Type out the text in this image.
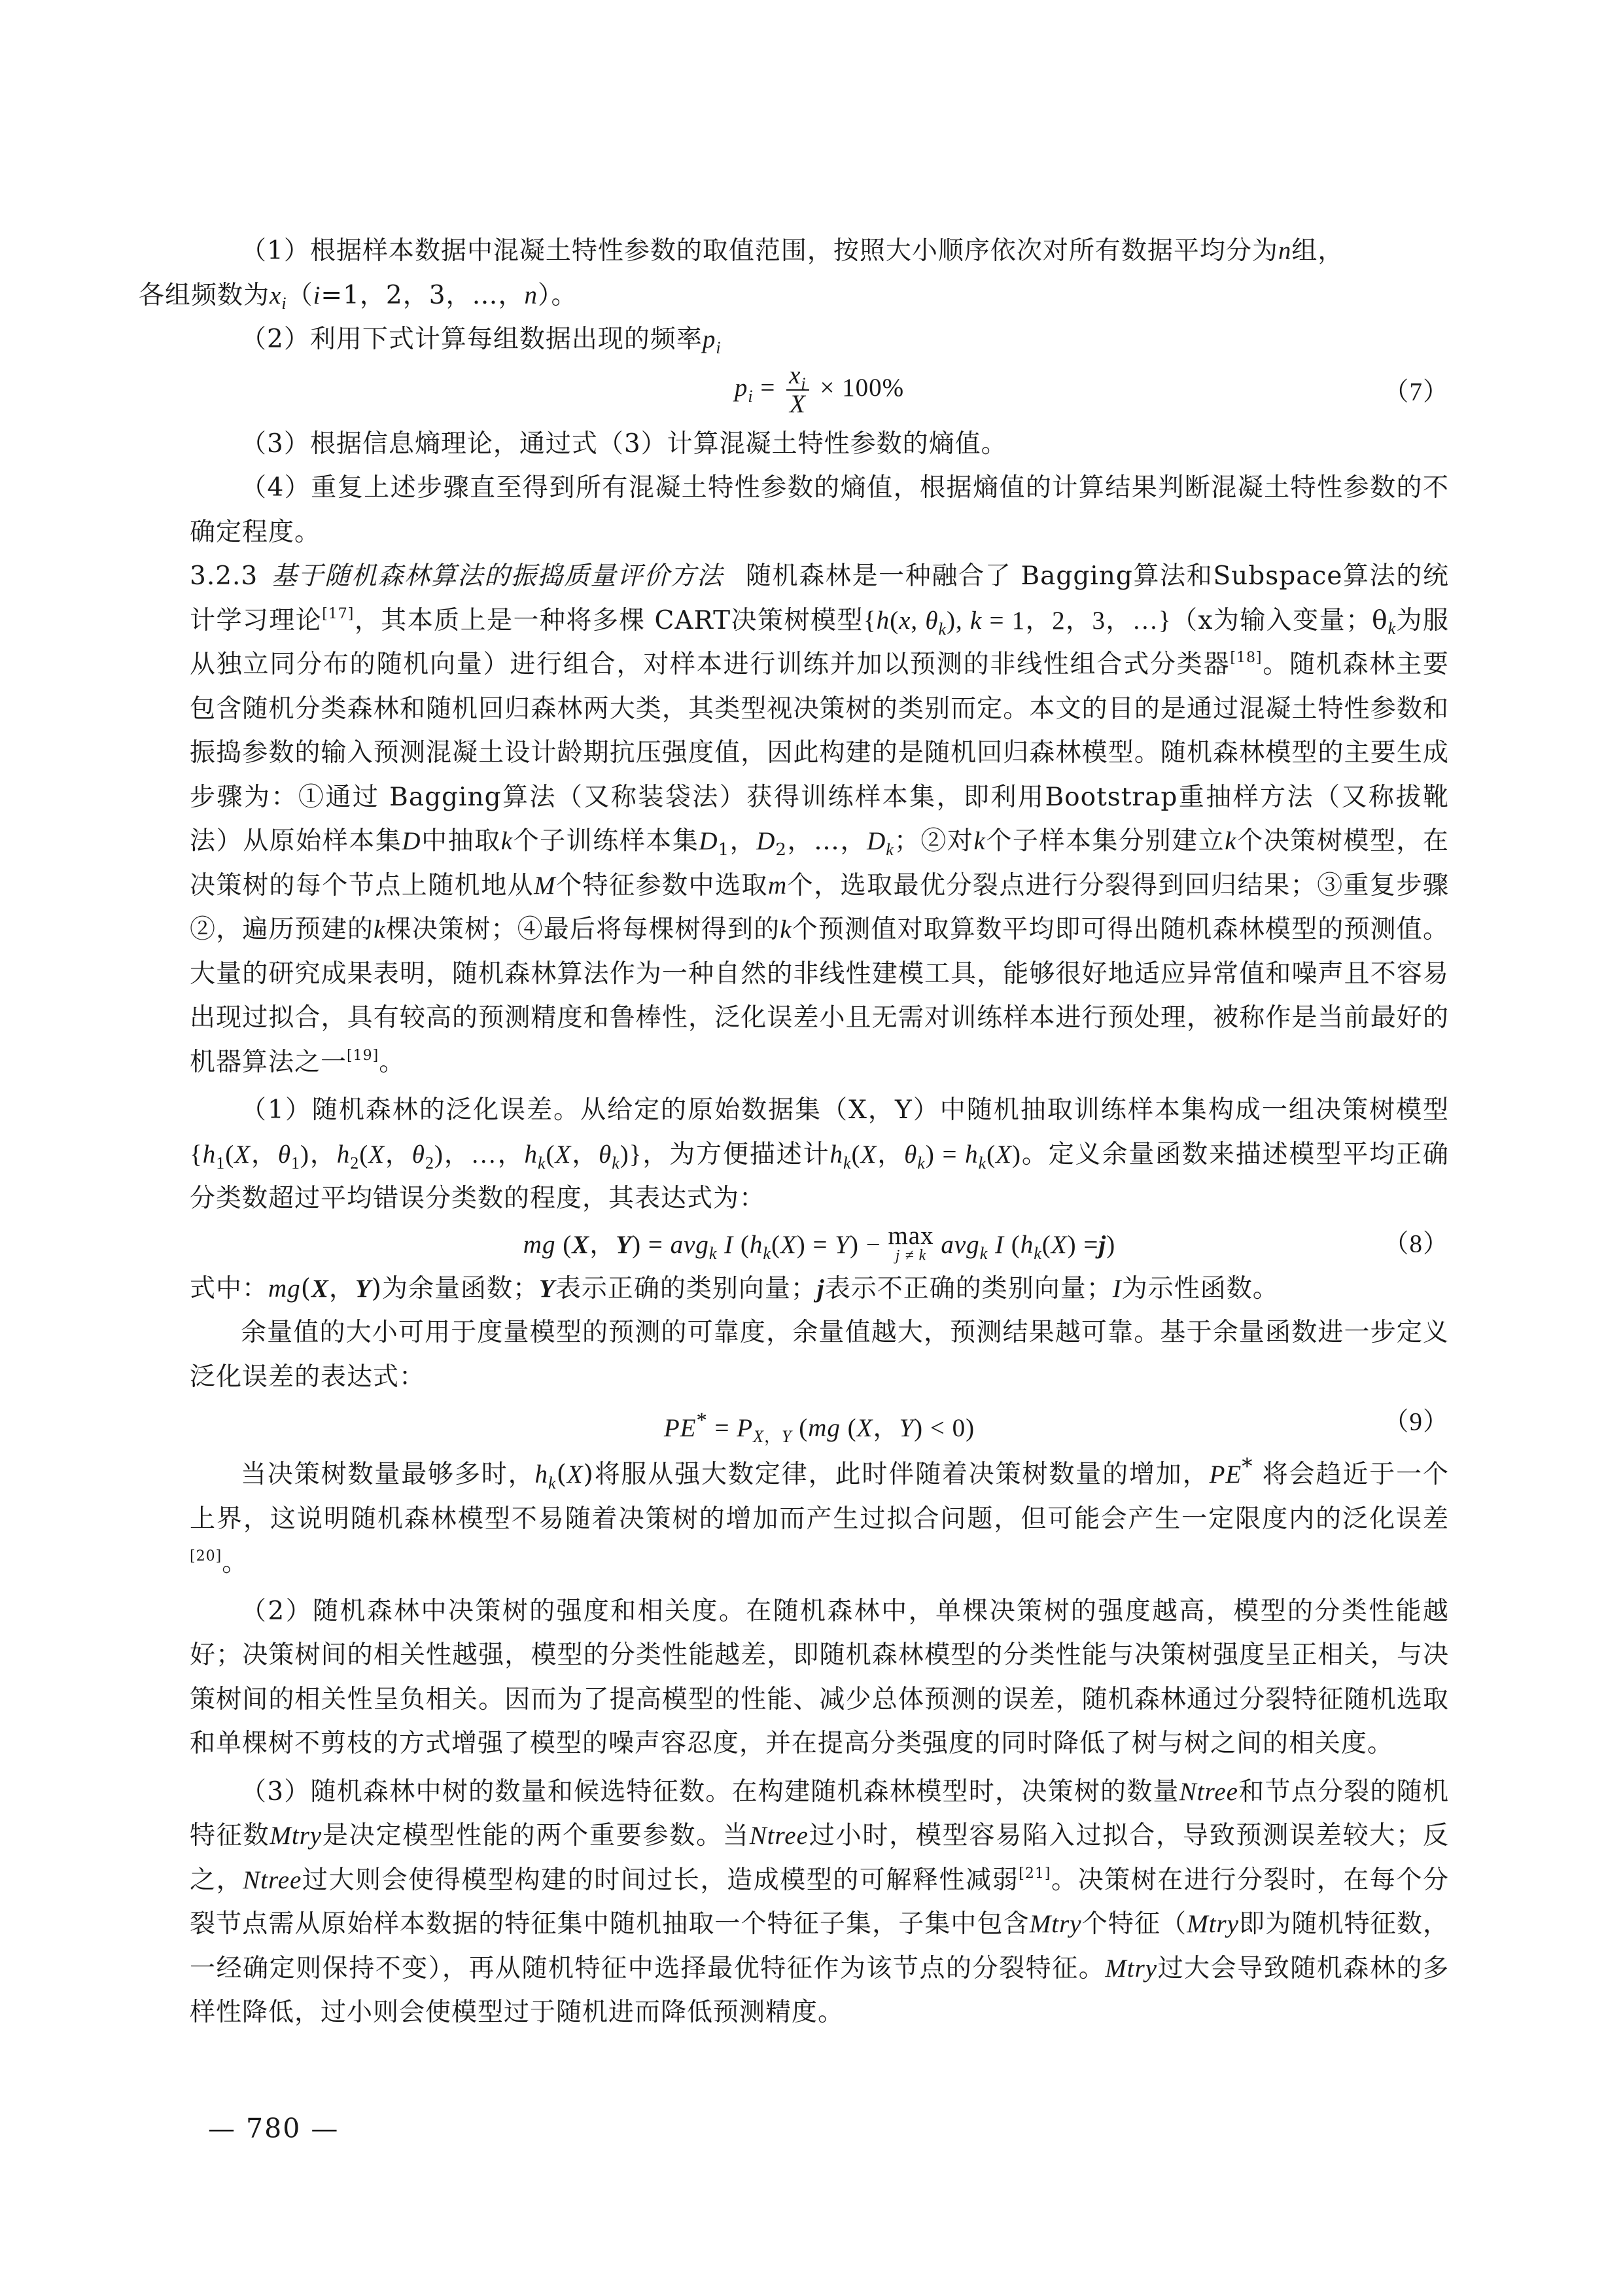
（1）根据样本数据中混凝土特性参数的取值范围，按照大小顺序依次对所有数据平均分为n组，
各组频数为$x_i(i=1$，2，3，…，n）。

（2）利用下式计算每组数据出现的频率$p_i$

$p_i = \frac{x_i}{X} \times 100\%$	（7）

（3）根据信息熵理论，通过式（3）计算混凝土特性参数的熵值。

（4）重复上述步骤直至得到所有混凝土特性参数的熵值，根据熵值的计算结果判断混凝土特性参数的不确定程度。

3.2.3 基于随机森林算法的振捣质量评价方法 随机森林是一种融合了 Bagging算法和Subspace算法的统计学习理论[17]，其本质上是一种将多棵 CART决策树模型{h(x, $\theta_k$), k = 1，2，3，…}（x为输入变量；$\theta_k$为服从独立同分布的随机向量）进行组合，对样本进行训练并加以预测的非线性组合式分类器[18]。随机森林主要包含随机分类森林和随机回归森林两大类，其类型视决策树的类别而定。本文的目的是通过混凝土特性参数和振捣参数的输入预测混凝土设计龄期抗压强度值，因此构建的是随机回归森林模型。随机森林模型的主要生成步骤为：①通过 Bagging算法（又称装袋法）获得训练样本集，即利用Bootstrap重抽样方法（又称拔靴法）从原始样本集D中抽取k个子训练样本集$D_1$，$D_2$，…，$D_k$；②对k个子样本集分别建立k个决策树模型，在决策树的每个节点上随机地从M个特征参数中选取m个，选取最优分裂点进行分裂得到回归结果；③重复步骤②，遍历预建的k棵决策树；④最后将每棵树得到的k个预测值对取算数平均即可得出随机森林模型的预测值。大量的研究成果表明，随机森林算法作为一种自然的非线性建模工具，能够很好地适应异常值和噪声且不容易出现过拟合，具有较高的预测精度和鲁棒性，泛化误差小且无需对训练样本进行预处理，被称作是当前最好的机器算法之一[19]。

（1）随机森林的泛化误差。从给定的原始数据集（X，Y）中随机抽取训练样本集构成一组决策树模型{$h_1(X$，$\theta_1$)，$h_2(X$，$\theta_2$)，…，$h_k(X$，$\theta_k$)}，为方便描述计$h_k(X$，$\theta_k) = h_k(X)$。定义余量函数来描述模型平均正确分类数超过平均错误分类数的程度，其表达式为：

mg (X，Y) = avg$_k$ I $(h_k(X) = Y) - \max$
j ≠ k avg$_k$ I $(h_k(X) =j)$	（8）

式中：mg(X，Y)为余量函数；Y表示正确的类别向量；j表示不正确的类别向量；I为示性函数。

余量值的大小可用于度量模型的预测的可靠度，余量值越大，预测结果越可靠。基于余量函数进一步定义泛化误差的表达式：

$PE^* = P_{X,Y}$ (mg (X，Y) < 0)	（9）

当决策树数量最够多时，$h_k(X)$将服从强大数定律，此时伴随着决策树数量的增加，PE* 将会趋近于一个上界，这说明随机森林模型不易随着决策树的增加而产生过拟合问题，但可能会产生一定限度内的泛化误差[20]。

（2）随机森林中决策树的强度和相关度。在随机森林中，单棵决策树的强度越高，模型的分类性能越好；决策树间的相关性越强，模型的分类性能越差，即随机森林模型的分类性能与决策树强度呈正相关，与决策树间的相关性呈负相关。因而为了提高模型的性能、减少总体预测的误差，随机森林通过分裂特征随机选取和单棵树不剪枝的方式增强了模型的噪声容忍度，并在提高分类强度的同时降低了树与树之间的相关度。

（3）随机森林中树的数量和候选特征数。在构建随机森林模型时，决策树的数量Ntree和节点分裂的随机特征数Mtry是决定模型性能的两个重要参数。当Ntree过小时，模型容易陷入过拟合，导致预测误差较大；反之，Ntree过大则会使得模型构建的时间过长，造成模型的可解释性减弱[21]。决策树在进行分裂时，在每个分裂节点需从原始样本数据的特征集中随机抽取一个特征子集，子集中包含Mtry个特征（Mtry即为随机特征数，一经确定则保持不变），再从随机特征中选择最优特征作为该节点的分裂特征。Mtry过大会导致随机森林的多样性降低，过小则会使模型过于随机进而降低预测精度。

— 780 —
